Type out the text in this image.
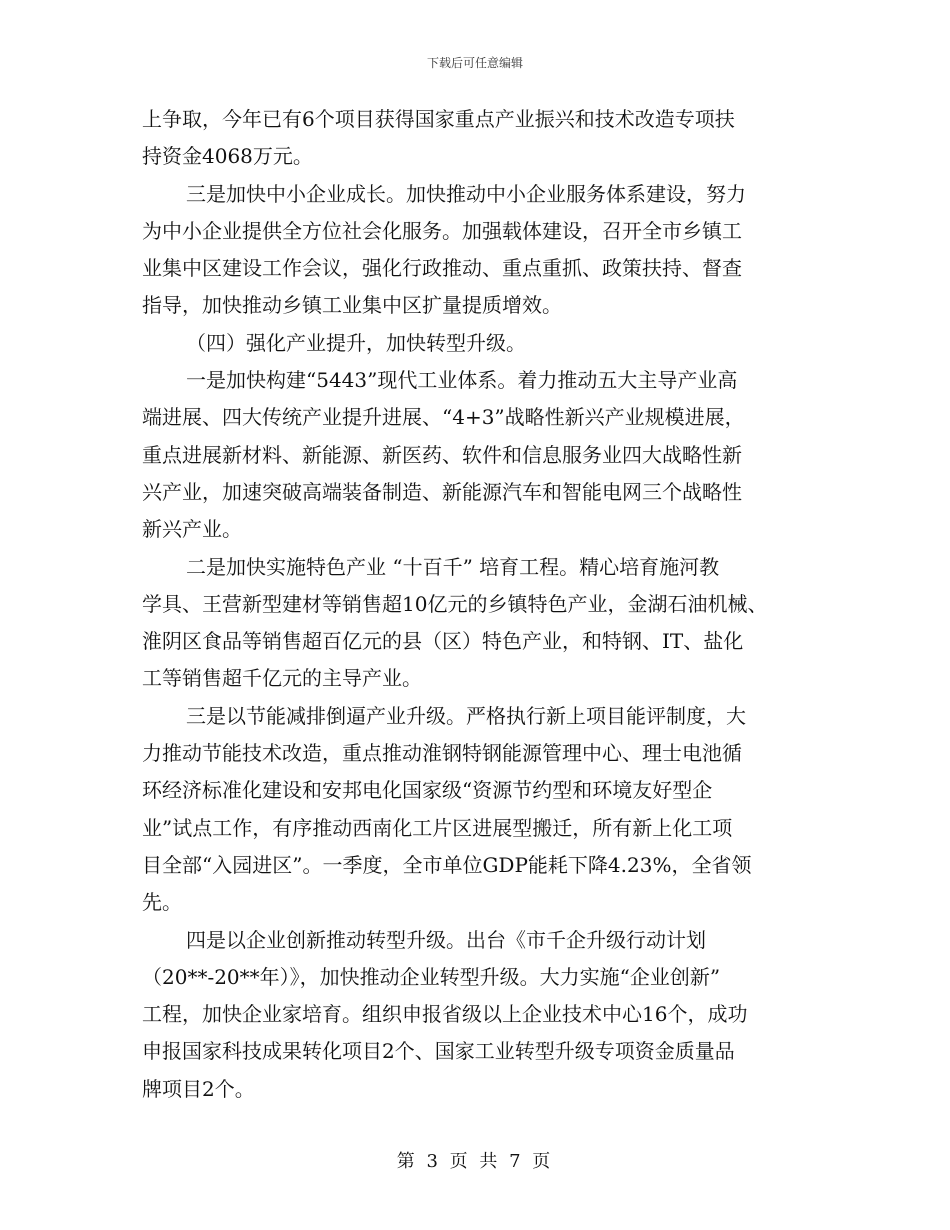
下载后可任意编辑
上争取，今年已有6个项目获得国家重点产业振兴和技术改造专项扶
持资金4068万元。
三是加快中小企业成长。加快推动中小企业服务体系建设，努力
为中小企业提供全方位社会化服务。加强载体建设，召开全市乡镇工
业集中区建设工作会议，强化行政推动、重点重抓、政策扶持、督查
指导，加快推动乡镇工业集中区扩量提质增效。
（四）强化产业提升，加快转型升级。
一是加快构建“5443”现代工业体系。着力推动五大主导产业高
端进展、四大传统产业提升进展、“4+3”战略性新兴产业规模进展，
重点进展新材料、新能源、新医药、软件和信息服务业四大战略性新
兴产业，加速突破高端装备制造、新能源汽车和智能电网三个战略性
新兴产业。
二是加快实施特色产业 “十百千” 培育工程。精心培育施河教
学具、王营新型建材等销售超10亿元的乡镇特色产业，金湖石油机械、
淮阴区食品等销售超百亿元的县（区）特色产业，和特钢、IT、盐化
工等销售超千亿元的主导产业。
三是以节能减排倒逼产业升级。严格执行新上项目能评制度，大
力推动节能技术改造，重点推动淮钢特钢能源管理中心、理士电池循
环经济标准化建设和安邦电化国家级“资源节约型和环境友好型企
业”试点工作，有序推动西南化工片区进展型搬迁，所有新上化工项
目全部“入园进区”。一季度，全市单位GDP能耗下降4.23%，全省领
先。
四是以企业创新推动转型升级。出台《市千企升级行动计划
（20**-20**年）》，加快推动企业转型升级。大力实施“企业创新”
工程，加快企业家培育。组织申报省级以上企业技术中心16个，成功
申报国家科技成果转化项目2个、国家工业转型升级专项资金质量品
牌项目2个。
第 3 页 共 7 页
